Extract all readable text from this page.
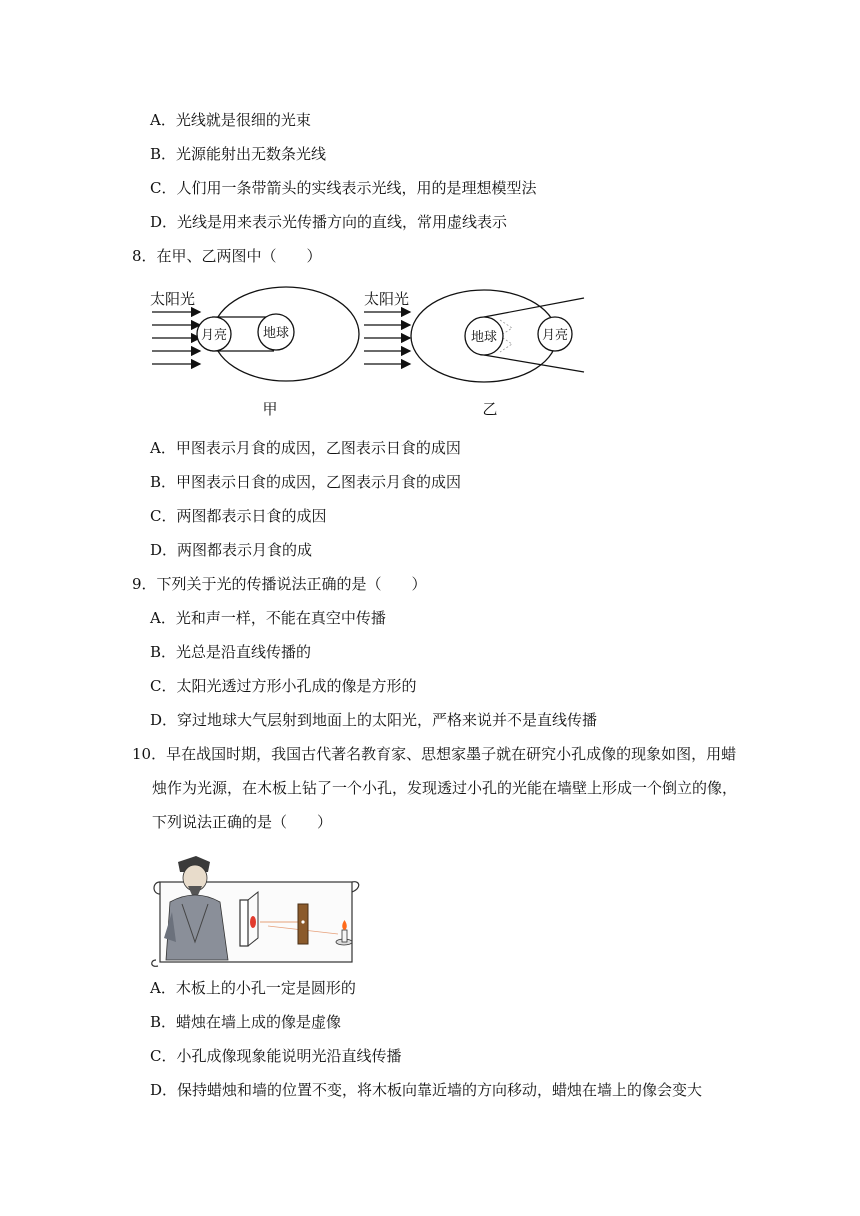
A．光线就是很细的光束
B．光源能射出无数条光线
C．人们用一条带箭头的实线表示光线，用的是理想模型法
D．光线是用来表示光传播方向的直线，常用虚线表示
8．在甲、乙两图中（　　）
太阳光
月亮	地球
甲
太阳光
地球	月亮
乙
A．甲图表示月食的成因，乙图表示日食的成因
B．甲图表示日食的成因，乙图表示月食的成因
C．两图都表示日食的成因
D．两图都表示月食的成
9．下列关于光的传播说法正确的是（　　）
A．光和声一样，不能在真空中传播
B．光总是沿直线传播的
C．太阳光透过方形小孔成的像是方形的
D．穿过地球大气层射到地面上的太阳光，严格来说并不是直线传播
10．早在战国时期，我国古代著名教育家、思想家墨子就在研究小孔成像的现象如图，用蜡
烛作为光源，在木板上钻了一个小孔，发现透过小孔的光能在墙壁上形成一个倒立的像，
下列说法正确的是（　　）
A．木板上的小孔一定是圆形的
B．蜡烛在墙上成的像是虚像
C．小孔成像现象能说明光沿直线传播
D．保持蜡烛和墙的位置不变，将木板向靠近墙的方向移动，蜡烛在墙上的像会变大
